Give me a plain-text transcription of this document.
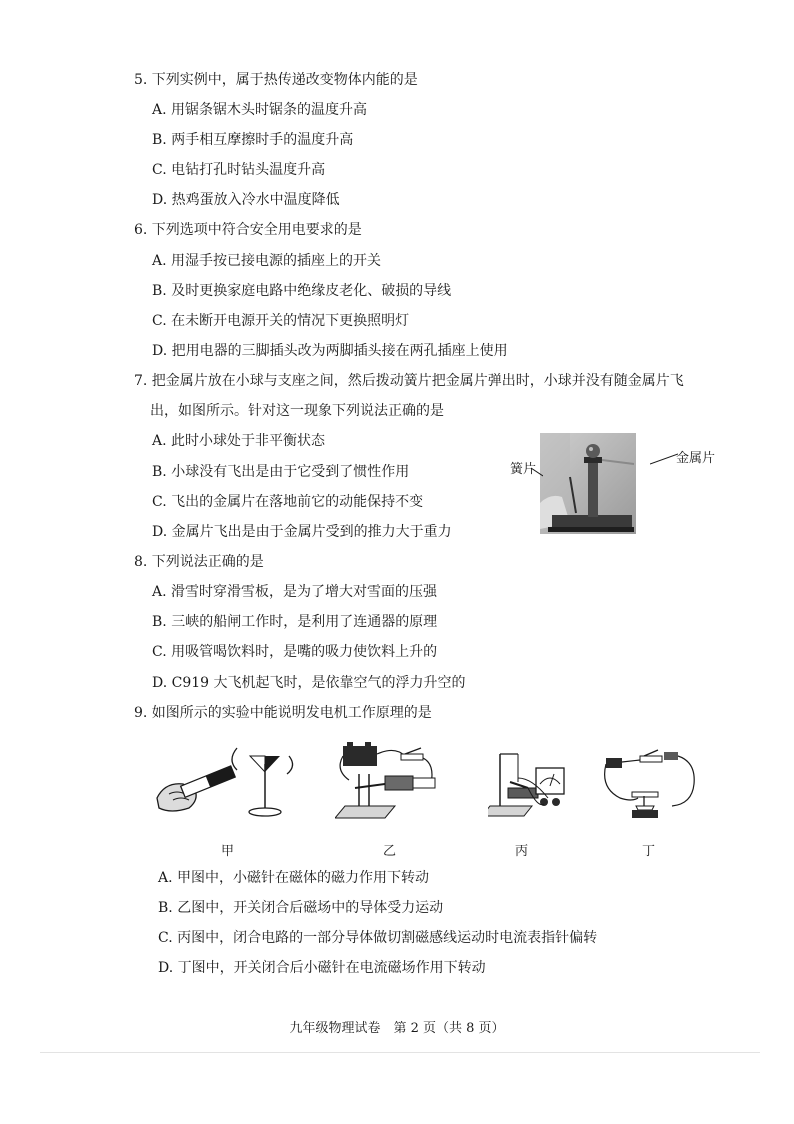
5. 下列实例中，属于热传递改变物体内能的是
A. 用锯条锯木头时锯条的温度升高
B. 两手相互摩擦时手的温度升高
C. 电钻打孔时钻头温度升高
D. 热鸡蛋放入冷水中温度降低
6. 下列选项中符合安全用电要求的是
A. 用湿手按已接电源的插座上的开关
B. 及时更换家庭电路中绝缘皮老化、破损的导线
C. 在未断开电源开关的情况下更换照明灯
D. 把用电器的三脚插头改为两脚插头接在两孔插座上使用
7. 把金属片放在小球与支座之间，然后拨动簧片把金属片弹出时，小球并没有随金属片飞
出，如图所示。针对这一现象下列说法正确的是
A. 此时小球处于非平衡状态
B. 小球没有飞出是由于它受到了惯性作用
C. 飞出的金属片在落地前它的动能保持不变
D. 金属片飞出是由于金属片受到的推力大于重力
簧片
金属片
8. 下列说法正确的是
A. 滑雪时穿滑雪板，是为了增大对雪面的压强
B. 三峡的船闸工作时，是利用了连通器的原理
C. 用吸管喝饮料时，是嘴的吸力使饮料上升的
D. C919 大飞机起飞时，是依靠空气的浮力升空的
9. 如图所示的实验中能说明发电机工作原理的是
甲	乙	丙	丁
A. 甲图中，小磁针在磁体的磁力作用下转动
B. 乙图中，开关闭合后磁场中的导体受力运动
C. 丙图中，闭合电路的一部分导体做切割磁感线运动时电流表指针偏转
D. 丁图中，开关闭合后小磁针在电流磁场作用下转动
九年级物理试卷　第 2 页（共 8 页）
